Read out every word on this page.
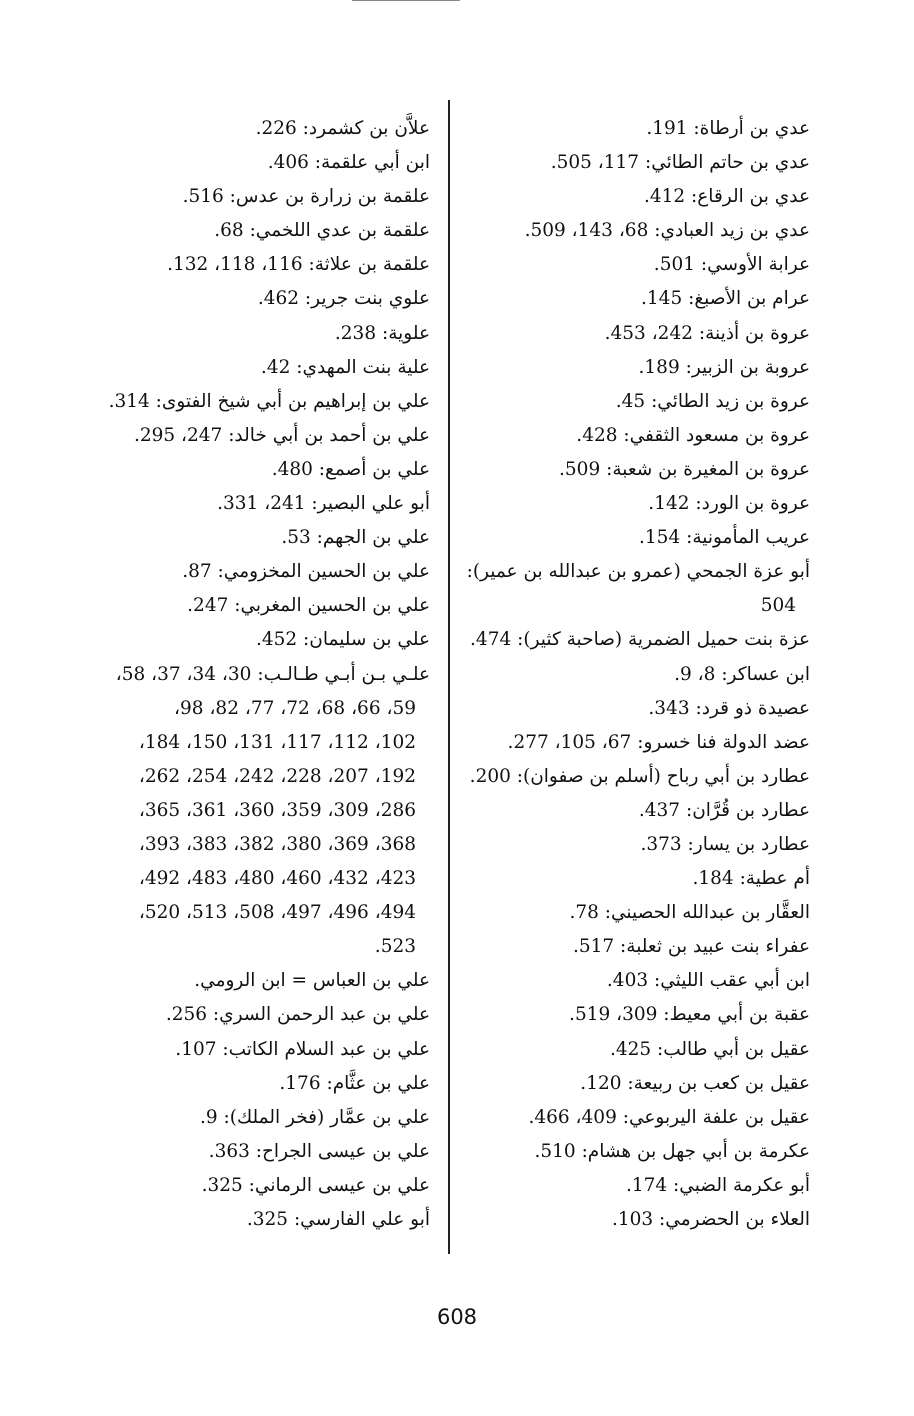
عدي بن أرطاة: 191.
عدي بن حاتم الطائي: 117، 505.
عدي بن الرقاع: 412.
عدي بن زيد العبادي: 68، 143، 509.
عرابة الأوسي: 501.
عرام بن الأصبغ: 145.
عروة بن أذينة: 242، 453.
عروبة بن الزبير: 189.
عروة بن زيد الطائي: 45.
عروة بن مسعود الثقفي: 428.
عروة بن المغيرة بن شعبة: 509.
عروة بن الورد: 142.
عريب المأمونية: 154.
أبو عزة الجمحي (عمرو بن عبدالله بن عمير):
504
عزة بنت حميل الضمرية (صاحبة كثير): 474.
ابن عساكر: 8، 9.
عصيدة ذو قرد: 343.
عضد الدولة فنا خسرو: 67، 105، 277.
عطارد بن أبي رباح (أسلم بن صفوان): 200.
عطارد بن قُرَّان: 437.
عطارد بن يسار: 373.
أم عطية: 184.
العقَّار بن عبدالله الحصيني: 78.
عفراء بنت عبيد بن ثعلبة: 517.
ابن أبي عقب الليثي: 403.
عقبة بن أبي معيط: 309، 519.
عقيل بن أبي طالب: 425.
عقيل بن كعب بن ربيعة: 120.
عقيل بن علفة اليربوعي: 409، 466.
عكرمة بن أبي جهل بن هشام: 510.
أبو عكرمة الضبي: 174.
العلاء بن الحضرمي: 103.
علاَّن بن كشمرد: 226.
ابن أبي علقمة: 406.
علقمة بن زرارة بن عدس: 516.
علقمة بن عدي اللخمي: 68.
علقمة بن علاثة: 116، 118، 132.
علوي بنت جرير: 462.
علوية: 238.
علية بنت المهدي: 42.
علي بن إبراهيم بن أبي شيخ الفتوى: 314.
علي بن أحمد بن أبي خالد: 247، 295.
علي بن أصمع: 480.
أبو علي البصير: 241، 331.
علي بن الجهم: 53.
علي بن الحسين المخزومي: 87.
علي بن الحسين المغربي: 247.
علي بن سليمان: 452.
علـي بـن أبـي طـالـب: 30، 34، 37، 58،
59، 66، 68، 72، 77، 82، 98،
102، 112، 117، 131، 150، 184،
192، 207، 228، 242، 254، 262،
286، 309، 359، 360، 361، 365،
368، 369، 380، 382، 383، 393،
423، 432، 460، 480، 483، 492،
494، 496، 497، 508، 513، 520،
523.
علي بن العباس = ابن الرومي.
علي بن عبد الرحمن السري: 256.
علي بن عبد السلام الكاتب: 107.
علي بن عثَّام: 176.
علي بن عمَّار (فخر الملك): 9.
علي بن عيسى الجراح: 363.
علي بن عيسى الرماني: 325.
أبو علي الفارسي: 325.
608
